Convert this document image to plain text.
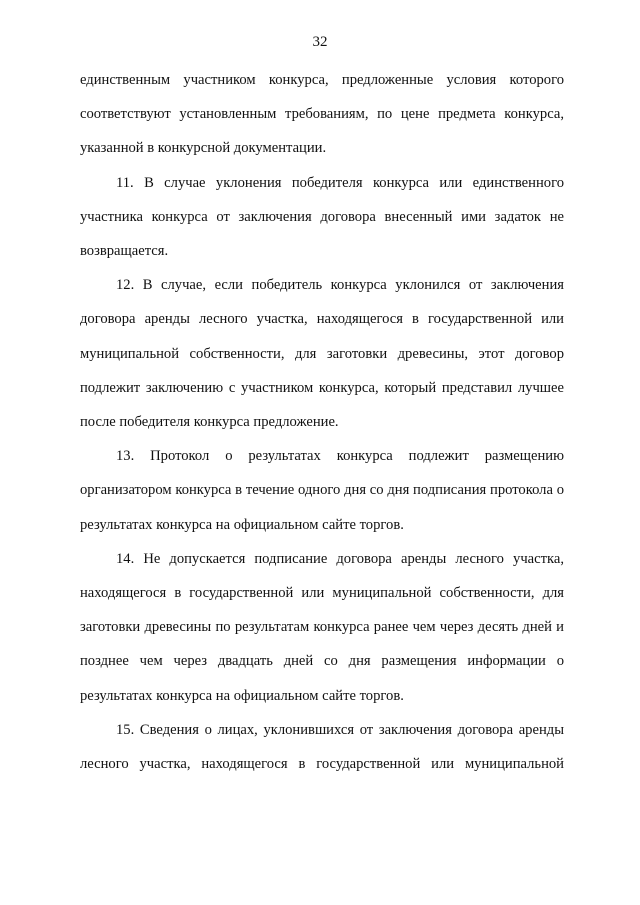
32

единственным участником конкурса, предложенные условия которого соответствуют установленным требованиям, по цене предмета конкурса, указанной в конкурсной документации.

11. В случае уклонения победителя конкурса или единственного участника конкурса от заключения договора внесенный ими задаток не возвращается.

12. В случае, если победитель конкурса уклонился от заключения договора аренды лесного участка, находящегося в государственной или муниципальной собственности, для заготовки древесины, этот договор подлежит заключению с участником конкурса, который представил лучшее после победителя конкурса предложение.

13. Протокол о результатах конкурса подлежит размещению организатором конкурса в течение одного дня со дня подписания протокола о результатах конкурса на официальном сайте торгов.

14. Не допускается подписание договора аренды лесного участка, находящегося в государственной или муниципальной собственности, для заготовки древесины по результатам конкурса ранее чем через десять дней и позднее чем через двадцать дней со дня размещения информации о результатах конкурса на официальном сайте торгов.

15. Сведения о лицах, уклонившихся от заключения договора аренды лесного участка, находящегося в государственной или муниципальной
